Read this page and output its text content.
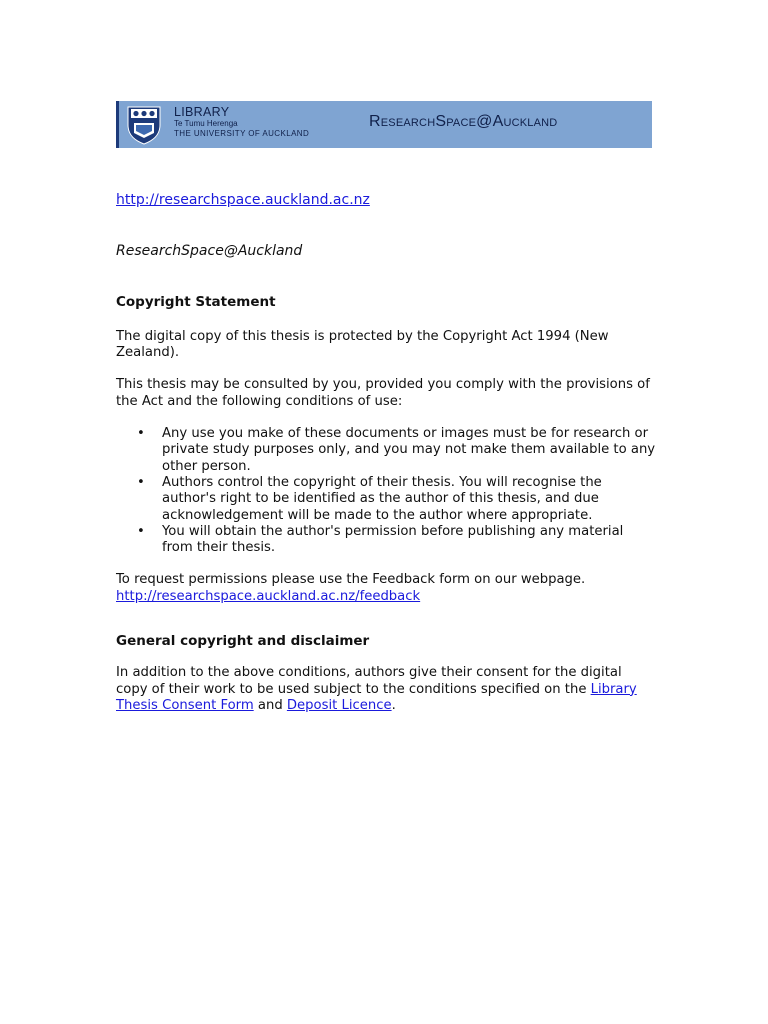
LIBRARY
Te Tumu Herenga
THE UNIVERSITY OF AUCKLAND
ResearchSpace@Auckland
http://researchspace.auckland.ac.nz
ResearchSpace@Auckland
Copyright Statement

The digital copy of this thesis is protected by the Copyright Act 1994 (New Zealand).

This thesis may be consulted by you, provided you comply with the provisions of the Act and the following conditions of use:

• Any use you make of these documents or images must be for research or private study purposes only, and you may not make them available to any other person.
• Authors control the copyright of their thesis. You will recognise the author's right to be identified as the author of this thesis, and due acknowledgement will be made to the author where appropriate.
• You will obtain the author's permission before publishing any material from their thesis.

To request permissions please use the Feedback form on our webpage.
http://researchspace.auckland.ac.nz/feedback

General copyright and disclaimer

In addition to the above conditions, authors give their consent for the digital copy of their work to be used subject to the conditions specified on the Library Thesis Consent Form and Deposit Licence.
